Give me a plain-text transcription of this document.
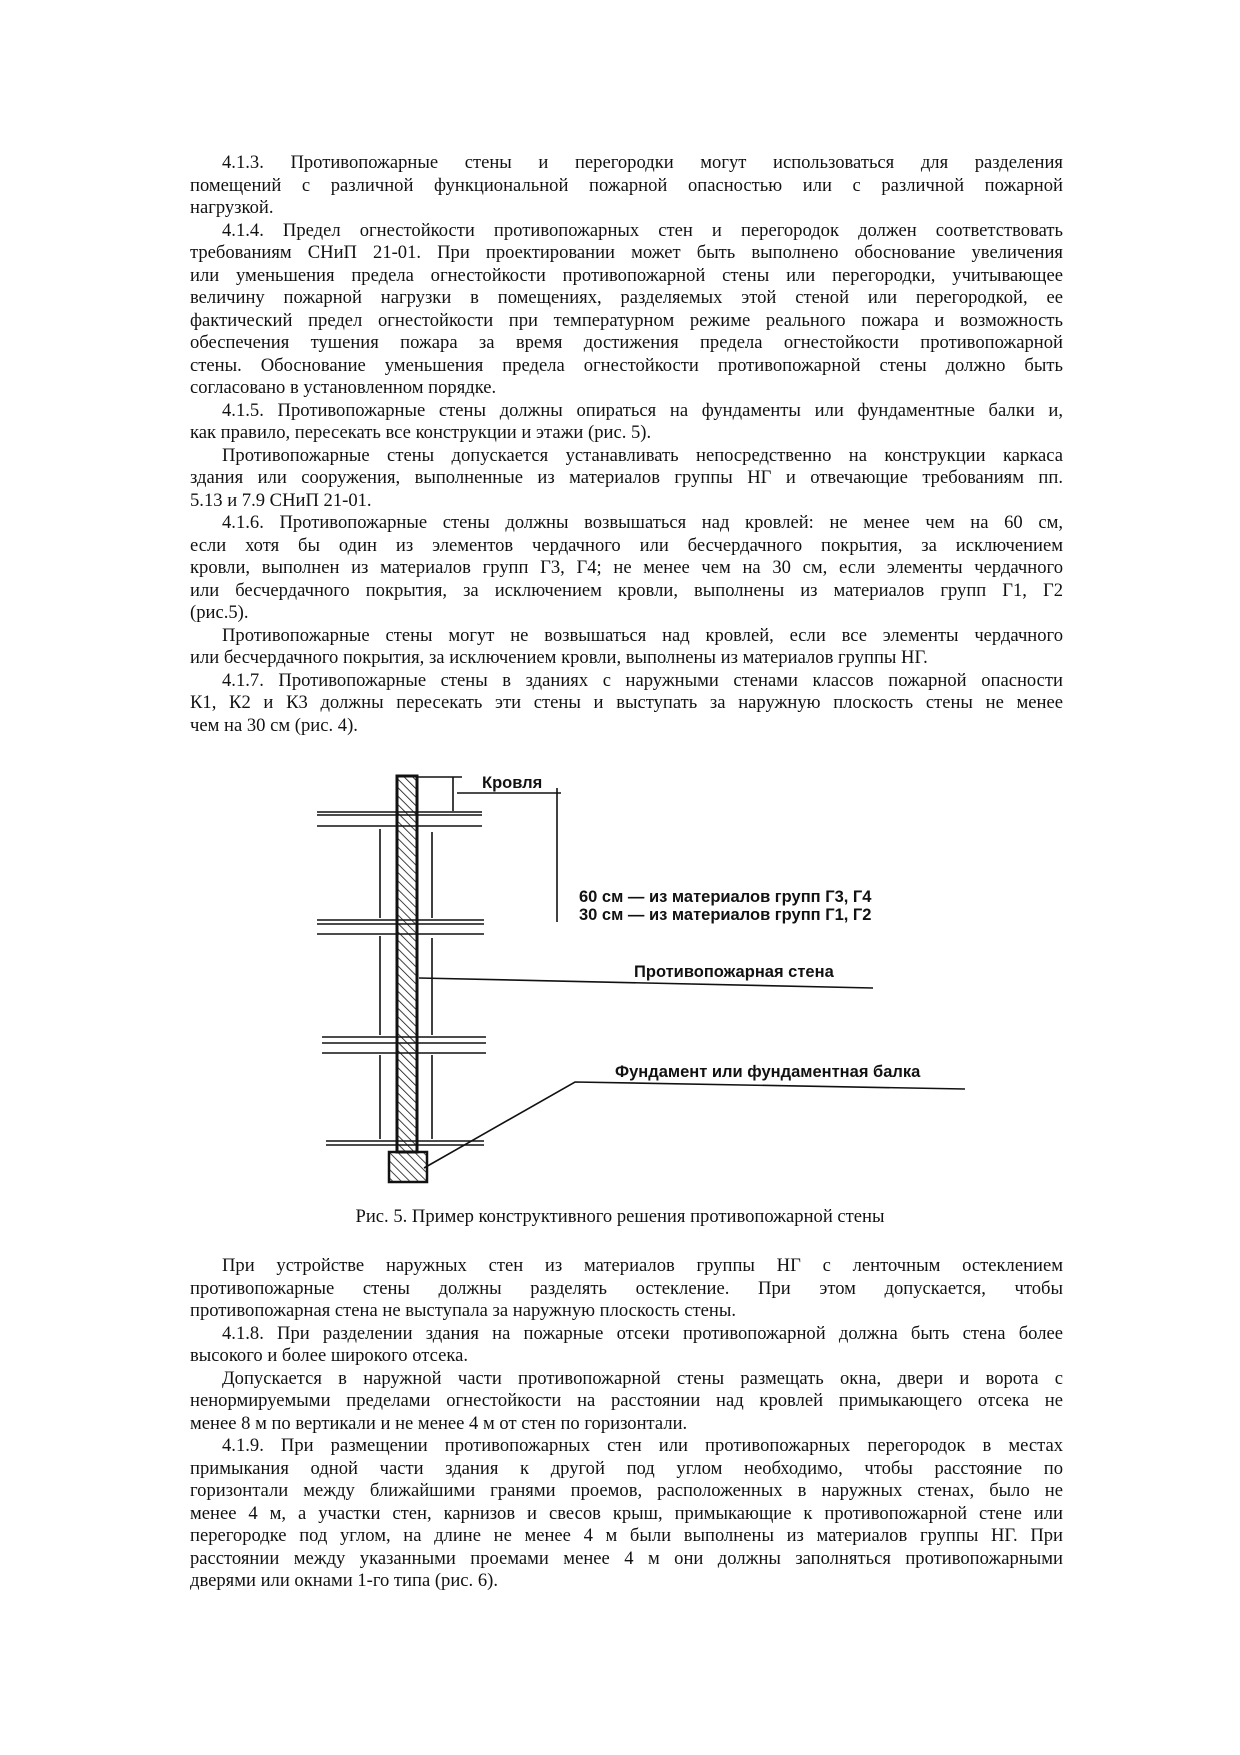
4.1.3. Противопожарные стены и перегородки могут использоваться для разделения
помещений с различной функциональной пожарной опасностью или с различной пожарной
нагрузкой.
4.1.4. Предел огнестойкости противопожарных стен и перегородок должен соответствовать
требованиям СНиП 21-01. При проектировании может быть выполнено обоснование увеличения
или уменьшения предела огнестойкости противопожарной стены или перегородки, учитывающее
величину пожарной нагрузки в помещениях, разделяемых этой стеной или перегородкой, ее
фактический предел огнестойкости при температурном режиме реального пожара и возможность
обеспечения тушения пожара за время достижения предела огнестойкости противопожарной
стены. Обоснование уменьшения предела огнестойкости противопожарной стены должно быть
согласовано в установленном порядке.
4.1.5. Противопожарные стены должны опираться на фундаменты или фундаментные балки и,
как правило, пересекать все конструкции и этажи (рис. 5).
Противопожарные стены допускается устанавливать непосредственно на конструкции каркаса
здания или сооружения, выполненные из материалов группы НГ и отвечающие требованиям пп.
5.13 и 7.9 СНиП 21-01.
4.1.6. Противопожарные стены должны возвышаться над кровлей: не менее чем на 60 см,
если хотя бы один из элементов чердачного или бесчердачного покрытия, за исключением
кровли, выполнен из материалов групп Г3, Г4; не менее чем на 30 см, если элементы чердачного
или бесчердачного покрытия, за исключением кровли, выполнены из материалов групп Г1, Г2
(рис.5).
Противопожарные стены могут не возвышаться над кровлей, если все элементы чердачного
или бесчердачного покрытия, за исключением кровли, выполнены из материалов группы НГ.
4.1.7. Противопожарные стены в зданиях с наружными стенами классов пожарной опасности
К1, К2 и К3 должны пересекать эти стены и выступать за наружную плоскость стены не менее
чем на 30 см (рис. 4).
Кровля
60 см — из материалов групп Г3, Г4
30 см — из материалов групп Г1, Г2
Противопожарная стена
Фундамент или фундаментная балка
Рис. 5. Пример конструктивного решения противопожарной стены
При устройстве наружных стен из материалов группы НГ с ленточным остеклением
противопожарные стены должны разделять остекление. При этом допускается, чтобы
противопожарная стена не выступала за наружную плоскость стены.
4.1.8. При разделении здания на пожарные отсеки противопожарной должна быть стена более
высокого и более широкого отсека.
Допускается в наружной части противопожарной стены размещать окна, двери и ворота с
ненормируемыми пределами огнестойкости на расстоянии над кровлей примыкающего отсека не
менее 8 м по вертикали и не менее 4 м от стен по горизонтали.
4.1.9. При размещении противопожарных стен или противопожарных перегородок в местах
примыкания одной части здания к другой под углом необходимо, чтобы расстояние по
горизонтали между ближайшими гранями проемов, расположенных в наружных стенах, было не
менее 4 м, а участки стен, карнизов и свесов крыш, примыкающие к противопожарной стене или
перегородке под углом, на длине не менее 4 м были выполнены из материалов группы НГ. При
расстоянии между указанными проемами менее 4 м они должны заполняться противопожарными
дверями или окнами 1-го типа (рис. 6).
